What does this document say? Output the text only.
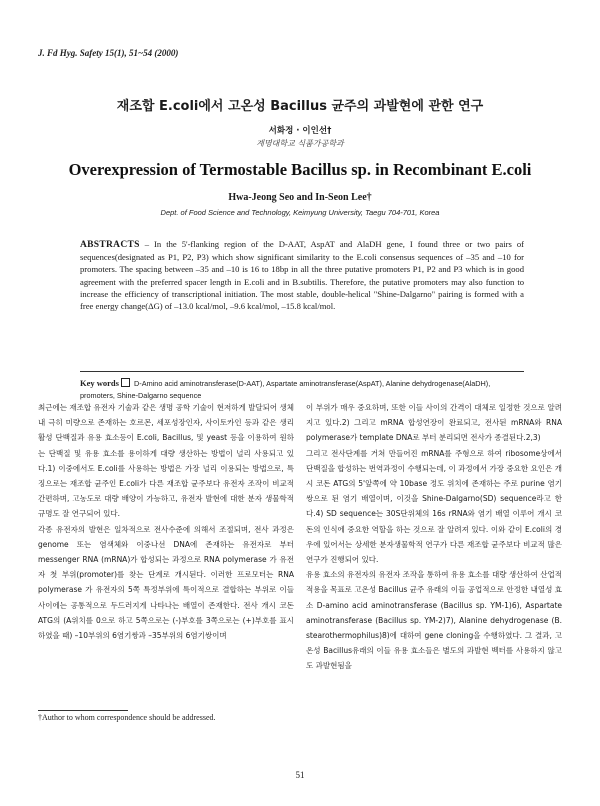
J. Fd Hyg. Safety 15(1), 51~54 (2000)
재조합 E.coli에서 고온성 Bacillus 균주의 과발현에 관한 연구
서화정 · 이인선†
계명대학교 식품가공학과
Overexpression of Termostable Bacillus sp. in Recombinant E.coli
Hwa-Jeong Seo and In-Seon Lee†
Dept. of Food Science and Technology, Keimyung University, Taegu 704-701, Korea
ABSTRACTS – In the 5'-flanking region of the D-AAT, AspAT and AlaDH gene, I found three or two pairs of sequences(designated as P1, P2, P3) which show significant similarity to the E.coli consensus sequences of –35 and –10 for promoters. The spacing between –35 and –10 is 16 to 18bp in all the three putative promoters P1, P2 and P3 which is in good agreement with the preferred spacer length in E.coli and in B.subtilis. Therefore, the putative promoters may also function to increase the efficiency of transcriptional initiation. The most stable, double-helical "Shine-Dalgarno" pairing is formed with a free energy change(ΔG) of –13.0 kcal/mol, –9.6 kcal/mol, –15.8 kcal/mol.
Key words D-Amino acid aminotransferase(D-AAT), Aspartate aminotransferase(AspAT), Alanine dehydrogenase(AlaDH), promoters, Shine-Dalgarno sequence

최근에는 재조합 유전자 기술과 같은 생명 공학 기술이 현저하게 발달되어 생체내 극히 미량으로 존재하는 호르몬, 세포성장인자, 사이토카인 등과 같은 생리활성 단백질과 유용 효소등이 E.coli, Bacillus, 및 yeast 등을 이용하여 원하는 단백질 및 유용 효소를 용이하게 대량 생산하는 방법이 널리 사용되고 있다.1) 이중에서도 E.coli를 사용하는 방법은 가장 널리 이용되는 방법으로, 특징으로는 재조합 균주인 E.coli가 다른 재조합 균주보다 유전자 조작이 비교적 간편하며, 고농도로 대량 배양이 가능하고, 유전자 발현에 대한 분자 생물학적 규명도 잘 연구되어 있다.

각종 유전자의 발현은 일차적으로 전사수준에 의해서 조절되며, 전사 과정은 genome 또는 염색체와 이중나선 DNA에 존재하는 유전자로 부터 messenger RNA (mRNA)가 합성되는 과정으로 RNA polymerase 가 유전자 첫 부위(promoter)를 찾는 단계로 개시된다. 이러한 프로모터는 RNA polymerase 가 유전자의 5쪽 특정부위에 특이적으로 결합하는 부위로 이들 사이에는 공통적으로 두드러지게 나타나는 배열이 존재한다. 전사 개시 코돈 ATG의 (A위치를 0으로 하고 5쪽으로는 (-)부호를 3쪽으로는 (+)부호를 표시하였을 때) –10부위의 6염기쌍과 –35부위의 6염기쌍이며

이 부위가 매우 중요하며, 또한 이들 사이의 간격이 대체로 일정한 것으로 알려지고 있다.2) 그리고 mRNA 합성연장이 완료되고, 전사된 mRNA와 RNA polymerase가 template DNA로 부터 분리되면 전사가 종결된다.2,3)

그리고 전사단계를 거쳐 만들어진 mRNA를 주형으로 하여 ribosome상에서 단백질을 합성하는 번역과정이 수행되는데, 이 과정에서 가장 중요한 요인은 개시 코돈 ATG의 5'앞쪽에 약 10base 정도 위치에 존재하는 주로 purine 염기쌍으로 된 염기 배열이며, 이것을 Shine-Dalgarno(SD) sequence라고 한다.4) SD sequence는 30S단위체의 16s rRNA와 염기 배열 이루어 개시 코돈의 인식에 중요한 역할을 하는 것으로 잘 알려져 있다. 이와 같이 E.coli의 경우에 있어서는 상세한 분자생물학적 연구가 다른 재조합 균주보다 비교적 많은 연구가 진행되어 있다.

유용 효소의 유전자의 유전자 조작을 통하여 유용 효소를 대량 생산하여 산업적 적용을 목표로 고온성 Bacillus 균주 유래의 이들 공업적으로 안정한 내열성 효소 D-amino acid aminotransferase (Bacillus sp. YM-1)6), Aspartate aminotransferase (Bacillus sp. YM-2)7), Alanine dehydrogenase (B. stearothermophilus)8)에 대하여 gene cloning을 수행하였다. 그 결과, 고온성 Bacillus유래의 이들 유용 효소들은 별도의 과발현 벡터를 사용하지 않고도 과발현됨을

†Author to whom correspondence should be addressed.
51
